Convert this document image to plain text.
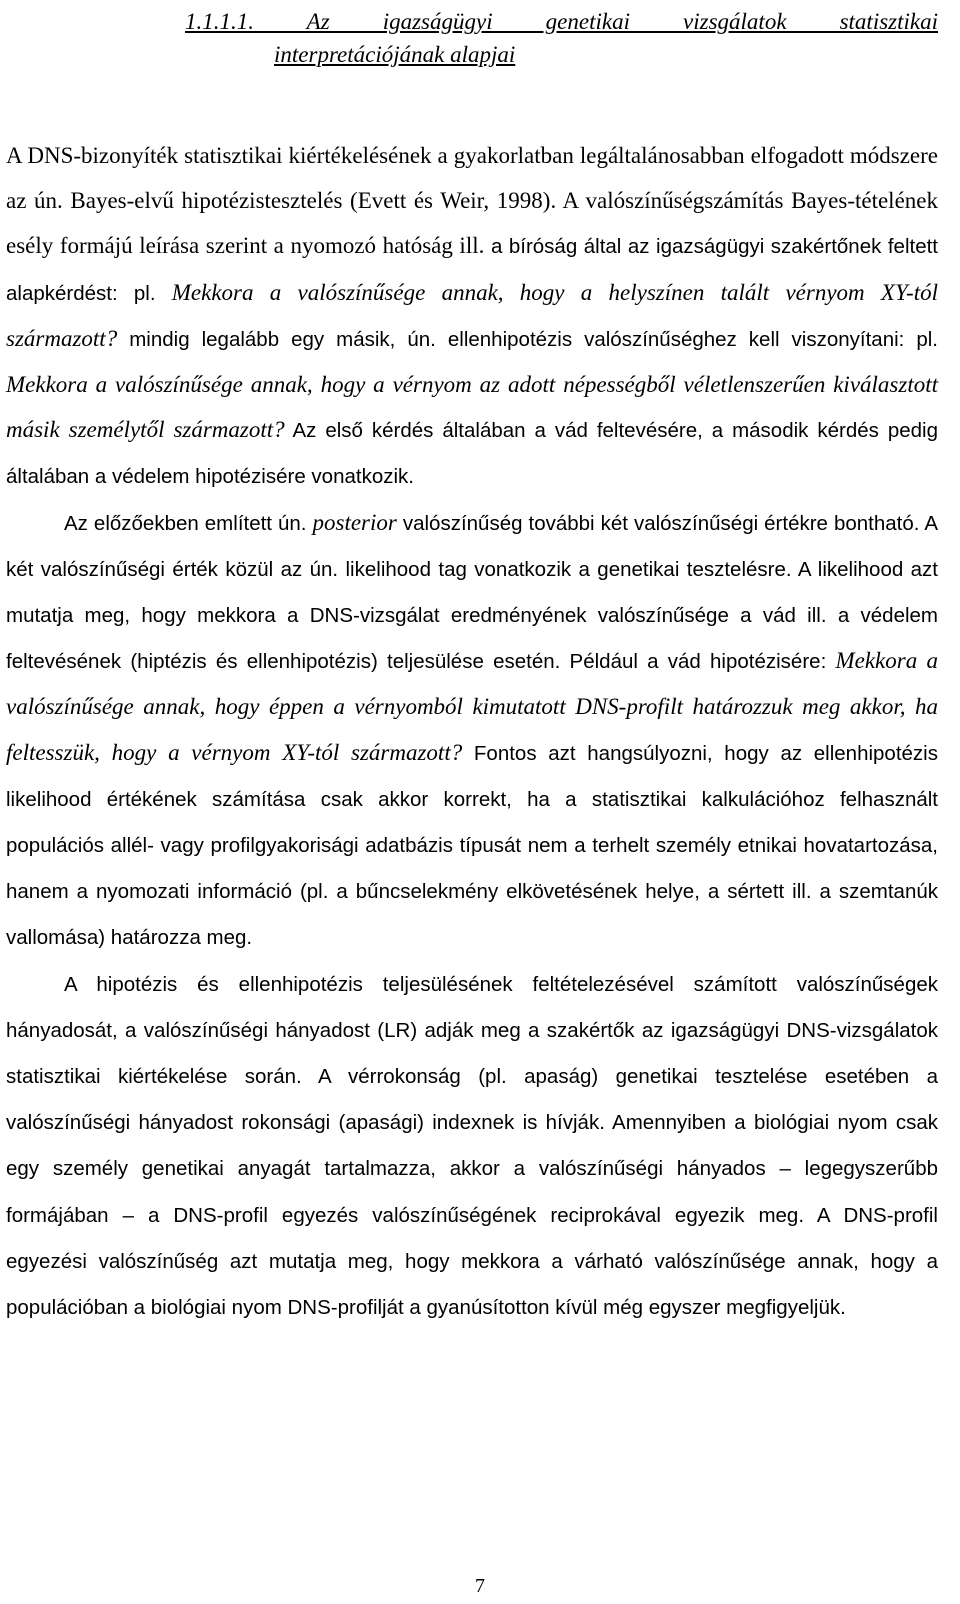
1.1.1.1. Az igazságügyi genetikai vizsgálatok statisztikai
interpretációjának alapjai

A DNS-bizonyíték statisztikai kiértékelésének a gyakorlatban legáltalánosabban elfogadott módszere az ún. Bayes-elvű hipotézistesztelés (Evett és Weir, 1998). A valószínűségszámítás Bayes-tételének esély formájú leírása szerint a nyomozó hatóság ill. a bíróság által az igazságügyi szakértőnek feltett alapkérdést: pl. Mekkora a valószínűsége annak, hogy a helyszínen talált vérnyom XY-tól származott? mindig legalább egy másik, ún. ellenhipotézis valószínűséghez kell viszonyítani: pl. Mekkora a valószínűsége annak, hogy a vérnyom az adott népességből véletlenszerűen kiválasztott másik személytől származott? Az első kérdés általában a vád feltevésére, a második kérdés pedig általában a védelem hipotézisére vonatkozik.

Az előzőekben említett ún. posterior valószínűség további két valószínűségi értékre bontható. A két valószínűségi érték közül az ún. likelihood tag vonatkozik a genetikai tesztelésre. A likelihood azt mutatja meg, hogy mekkora a DNS-vizsgálat eredményének valószínűsége a vád ill. a védelem feltevésének (hiptézis és ellenhipotézis) teljesülése esetén. Például a vád hipotézisére: Mekkora a valószínűsége annak, hogy éppen a vérnyomból kimutatott DNS-profilt határozzuk meg akkor, ha feltesszük, hogy a vérnyom XY-tól származott? Fontos azt hangsúlyozni, hogy az ellenhipotézis likelihood értékének számítása csak akkor korrekt, ha a statisztikai kalkulációhoz felhasznált populációs allél- vagy profilgyakorisági adatbázis típusát nem a terhelt személy etnikai hovatartozása, hanem a nyomozati információ (pl. a bűncselekmény elkövetésének helye, a sértett ill. a szemtanúk vallomása) határozza meg.

A hipotézis és ellenhipotézis teljesülésének feltételezésével számított valószínűségek hányadosát, a valószínűségi hányadost (LR) adják meg a szakértők az igazságügyi DNS-vizsgálatok statisztikai kiértékelése során. A vérrokonság (pl. apaság) genetikai tesztelése esetében a valószínűségi hányadost rokonsági (apasági) indexnek is hívják. Amennyiben a biológiai nyom csak egy személy genetikai anyagát tartalmazza, akkor a valószínűségi hányados – legegyszerűbb formájában – a DNS-profil egyezés valószínűségének reciprokával egyezik meg. A DNS-profil egyezési valószínűség azt mutatja meg, hogy mekkora a várható valószínűsége annak, hogy a populációban a biológiai nyom DNS-profilját a gyanúsítotton kívül még egyszer megfigyeljük.

7
